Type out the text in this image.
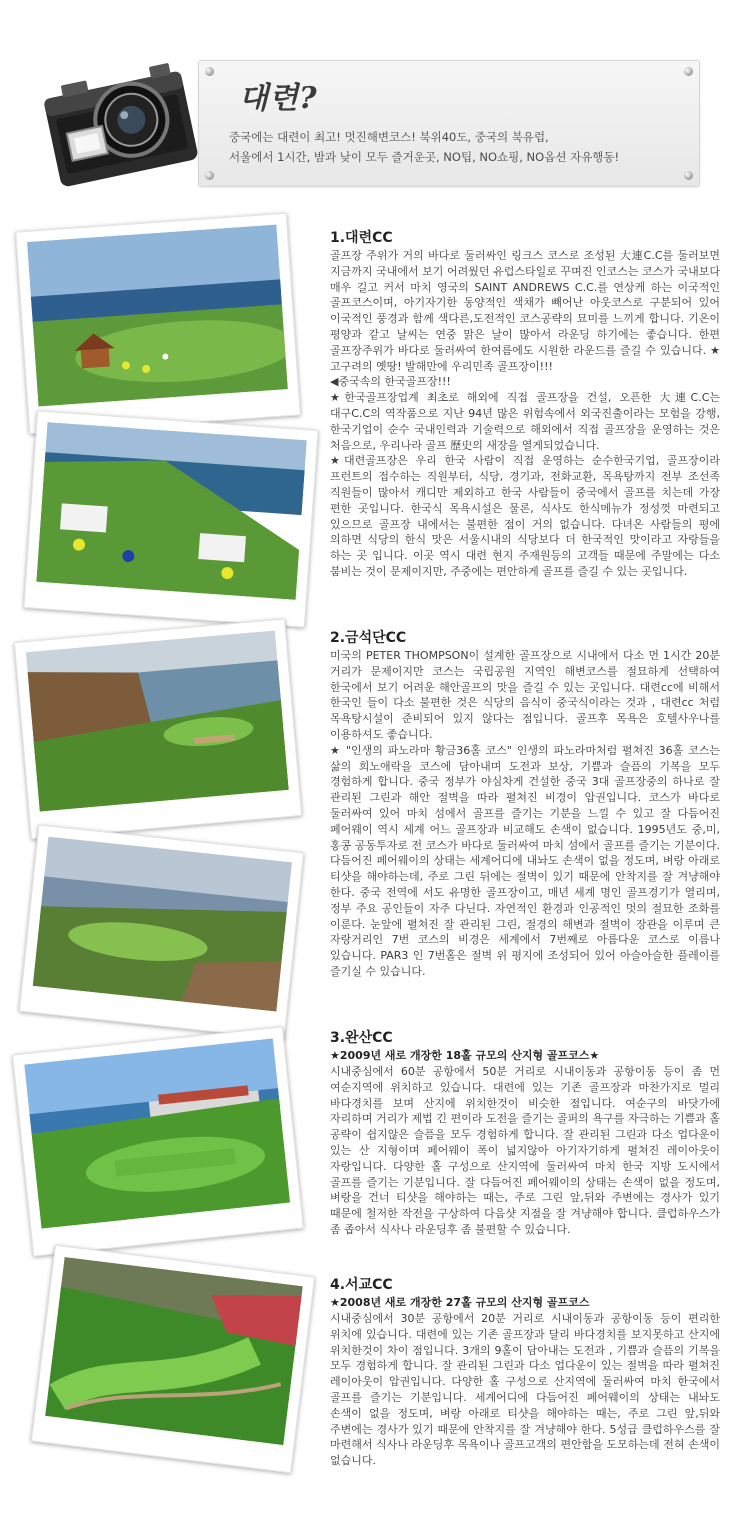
대련?
중국에는 대련이 최고! 멋진해변코스! 북위40도, 중국의 북유럽,
서울에서 1시간, 밤과 낮이 모두 즐거운곳, NO팁, NO쇼핑, NO옵션 자유행동!
1.대련CC

골프장 주위가 거의 바다로 둘러싸인 링크스 코스로 조성된 大連C.C를 둘러보면 지금까지 국내에서 보기 어려웠던 유럽스타일로 꾸며진 인코스는 코스가 국내보다 매우 길고 커서 마치 영국의 SAINT ANDREWS C.C.를 연상케 하는 이국적인 골프코스이며, 아기자기한 동양적인 색채가 빼어난 아웃코스로 구분되어 있어 이국적인 풍경과 함께 색다른,도전적인 코스공략의 묘미를 느끼게 합니다. 기온이 평양과 같고 날씨는 연중 맑은 날이 많아서 라운딩 하기에는 좋습니다. 한편 골프장주위가 바다로 둘러싸여 한여름에도 시원한 라운드를 즐길 수 있습니다. ★고구려의 옛땅! 발해만에 우리민족 골프장이!!!

◀중국속의 한국골프장!!!

★한국골프장업계 최초로 해외에 직접 골프장을 건설, 오픈한 大連C.C는 대구C.C의 역작품으로 지난 94년 많은 위험속에서 외국진출이라는 모험을 강행, 한국기업이 순수 국내인력과 기술력으로 해외에서 직접 골프장을 운영하는 것은 처음으로, 우리나라 골프 歷史의 새장을 열게되었습니다.

★대련골프장은 우리 한국 사람이 직접 운영하는 순수한국기업, 골프장이라 프런트의 접수하는 직원부터, 식당, 경기과, 전화교환, 목욕탕까지 전부 조선족 직원들이 많아서 캐디만 제외하고 한국 사람들이 중국에서 골프를 치는데 가장 편한 곳입니다. 한국식 목욕시설은 물론, 식사도 한식메뉴가 정성껏 마련되고 있으므로 골프장 내에서는 불편한 점이 거의 없습니다. 다녀온 사람들의 평에 의하면 식당의 한식 맛은 서울시내의 식당보다 더 한국적인 맛이라고 자랑들을 하는 곳 입니다. 이곳 역시 대련 현지 주재원등의 고객들 때문에 주말에는 다소 붐비는 것이 문제이지만, 주중에는 편안하게 골프를 즐길 수 있는 곳입니다.

2.금석단CC

미국의 PETER THOMPSON이 설계한 골프장으로 시내에서 다소 먼 1시간 20분 거리가 문제이지만 코스는 국립공원 지역인 해변코스를 절묘하게 선택하여 한국에서 보기 어려운 해안골프의 맛을 즐길 수 있는 곳입니다. 대련cc에 비해서 한국인 들이 다소 불편한 것은 식당의 음식이 중국식이라는 것과 , 대련cc 처럼 목욕탕시설이 준비되어 있지 않다는 점입니다. 골프후 목욕은 호텔사우나를 이용하셔도 좋습니다.

★ "인생의 파노라마 황금36홀 코스" 인생의 파노라마처럼 펼쳐진 36홀 코스는 삶의 희노애락을 코스에 담아내며 도전과 보상, 기쁨과 슬픔의 기복을 모두 경험하게 합니다. 중국 정부가 야심차게 건설한 중국 3대 골프장중의 하나로 잘 관리된 그린과 해안 절벽을 따라 펼쳐진 비경이 압권입니다. 코스가 바다로 둘러싸여 있어 마치 섬에서 골프를 즐기는 기분을 느낄 수 있고 잘 다듬어진 페어웨이 역시 세계 어느 골프장과 비교해도 손색이 없습니다. 1995년도 중,미,홍콩 공동투자로 전 코스가 바다로 둘러싸여 마치 섬에서 골프를 즐기는 기분이다. 다듬어진 페어웨이의 상태는 세계어디에 내놔도 손색이 없을 정도며, 벼랑 아래로 티샷을 해야하는데, 주로 그린 뒤에는 절벽이 있기 때문에 안착지를 잘 겨냥해야 한다. 중국 전역에 서도 유명한 골프장이고, 매년 세계 명인 골프경기가 열리며, 정부 주요 공인들이 자주 다닌다. 자연적인 환경과 인공적인 멋의 절묘한 조화를 이룬다. 눈앞에 펼쳐진 잘 관리된 그린, 절경의 해변과 절벽이 장관을 이루며 큰 자랑거리인 7번 코스의 비경은 세계에서 7번째로 아름다운 코스로 이름나 있습니다. PAR3 인 7번홀은 절벽 위 평지에 조성되어 있어 아슬아슬한 플레이를 즐기실 수 있습니다.

3.완산CC
★2009년 새로 개장한 18홀 규모의 산지형 골프코스★

시내중심에서 60분 공항에서 50분 거리로 시내이동과 공항이동 등이 좀 먼 여순지역에 위치하고 있습니다. 대련에 있는 기존 골프장과 마찬가지로 멀리 바다경치를 보며 산지에 위치한것이 비슷한 점입니다. 여순구의 바닷가에 자리하며 거리가 제법 긴 편이라 도전을 즐기는 골퍼의 욕구를 자극하는 기쁨과 홀 공략이 쉽지않은 슬픔을 모두 경험하게 합니다. 잘 관리된 그린과 다소 업다운이 있는 산 지형이며 페어웨이 폭이 넓지않아 아기자기하게 펼쳐진 레이아웃이 자랑입니다. 다양한 홀 구성으로 산지역에 둘러싸여 마치 한국 지방 도시에서 골프를 즐기는 기분입니다. 잘 다듬어진 페어웨이의 상태는 손색이 없을 정도며, 벼랑을 건너 티샷을 해야하는 때는, 주로 그린 앞,뒤와 주변에는 경사가 있기 때문에 철저한 작전을 구상하여 다음샷 지점을 잘 겨냥해야 합니다. 클럽하우스가 좀 좁아서 식사나 라운딩후 좀 불편할 수 있습니다.

4.서교CC
★2008년 새로 개장한 27홀 규모의 산지형 골프코스

시내중심에서 30분 공항에서 20분 거리로 시내이동과 공항이동 등이 편리한 위치에 있습니다. 대련에 있는 기존 골프장과 달리 바다경치를 보지못하고 산지에 위치한것이 차이 점입니다. 3개의 9홀이 담아내는 도전과 , 기쁨과 슬픔의 기복을 모두 경험하게 합니다. 잘 관리된 그린과 다소 업다운이 있는 절벽을 따라 펼쳐진 레이아웃이 압권입니다. 다양한 홀 구성으로 산지역에 둘러싸여 마치 한국에서 골프를 즐기는 기분입니다. 세계어디에 다듬어진 페어웨이의 상태는 내놔도 손색이 없을 정도며, 벼랑 아래로 티샷을 해야하는 때는, 주로 그린 앞,뒤와 주변에는 경사가 있기 때문에 안착지를 잘 겨냥해야 한다. 5성급 클럽하우스를 잘 마련해서 식사나 라운딩후 목욕이나 골프고객의 편안함을 도모하는데 전혀 손색이 없습니다.
